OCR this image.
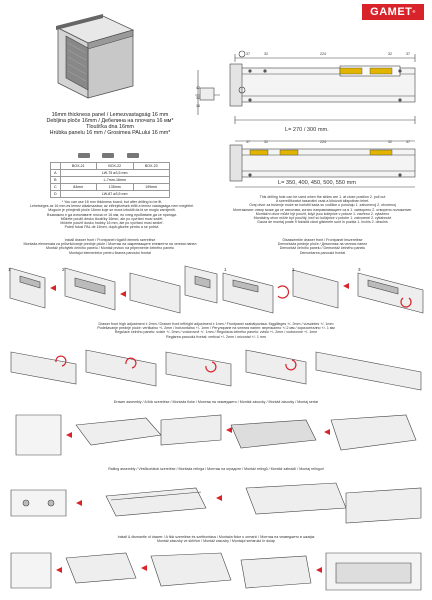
GAMET®
16mm thickness panel / Lemezvastagság 16 mm
Debljina ploče 16mm / Дебелина на плочата 16 мм*
Tloušťka dna 16mm
Hrúbka panelu 16 mm / Grosimea PALului 16 mm*
	BOX-21	BOX-22	BOX-23
A	LW-75 ø3,5 mm		
B	L-7mm-16mm		
C	84mm	135mm	199mm
D	LW-87 ø3,5 mm		
* You can use 16 mm thickness board, but after drilling to be fit.
Lehetséges az 16 mm-es lemez alkalmazása; az előrejelzések előtt a lemez vastagsága nem megfelel.
Moguće je primjeniti ploče 16mm koje se mora izbušiti da bi se moglo zamijeniti.
Възможно е да използвате плоча от 16 мм, но след пробиване да се пригоди.
Můžete použít desku tloušťky 16mm, ale po vyvrtání musí sedět.
Môžete použiť dosku hrúbky 16 mm, ale po vyvŕtaní musí sedieť.
Puteți folosi PAL de 16mm, după găurire pentru a se potrivi.
37	32	224	32	37
42
32
16
L= 270 / 300 mm.
37	32	224	32	37
L= 350, 400, 450, 500, 550 mm
This drilling hole can be used when the slides are 1. at close position 2. pull out
A szerelőfuratot használni csak a kihúzott állapotban lehet.
Ovaj otvor za bušenje može se koristiti kada su vodilice u položaju 1. zatvorenoj 2. otvorenoj
Монтажният отвор може да се използва, когато направляващите са в 1. затворено 2. отворено положение.
Montážní otvor může být použit, když jsou kolejnice v poloze 1. zavřeno 2. vytaženo
Montážny otvor môže byť použitý, keď sú koľajnice v polohe 1. zatvorené 2. vytiahnuté
Gaura de montaj poate fi folosită când glisierele sunt în poziția 1. închis 2. deschis
Install drawer front / Frontpanel rögzítő elemek szerelése
Montaža elemenata za pričvršćivanje prednje ploče / Монтаж на закрепващите елементи на челния панел
Montáž příchytek čelního panelu / Montáž prvkov na pripevnenie čelného panelu
Montajul elementelor pentru fixarea panoului frontal
Disassemble drawer front / Frontpanel leszerelése
Demontaža prednje ploče / Демонтаж на челния панел
Demontáž čelního panelu / Demontáž čelného panelu
Demontarea panoului frontal
Drawer front high adjustment ± 2mm / Drawer front left/right adjustment ± 1mm / Frontpanel szabályozása: függőleges +/- 2mm / vízszintes +/- 1mm
Podešavanje prednje ploče: vertikalno +/- 2mm / horizontalno +/- 1mm / Регулиране на челния панел: вертикално +/-2 мм / хоризонтално +/- 1 мм
Regulace čelního panelu: svisle +/- 2mm / vodorovně +/- 1mm / Regulácia čelného panelu: zvislo +/- 2mm / vodorovne +/- 1mm
Reglarea panoului frontal: vertical +/- 2mm / orizontal +/- 1 mm
Drawer assembly / A fiók szerelése / Montaža fioke / Монтаж на чекмеджето / Montáž zásuvky / Montáž zásuvky / Montaj sertar
Railing assembly / Vésőkorlátok szerelése / Montaža relinga / Монтаж на оградите / Montáž relingů / Montáž zábradlí / Montaj relinguri
Install & dismantle of drawer / A fiók szerelése és szétbontása / Montaža fioke u ormarić / Монтаж на чекмеджето в шкафа
Montáž zásuvky ve skříňce / Montáž zásuvky / Montajul sertarului în dulap
1	2	1	2	3
